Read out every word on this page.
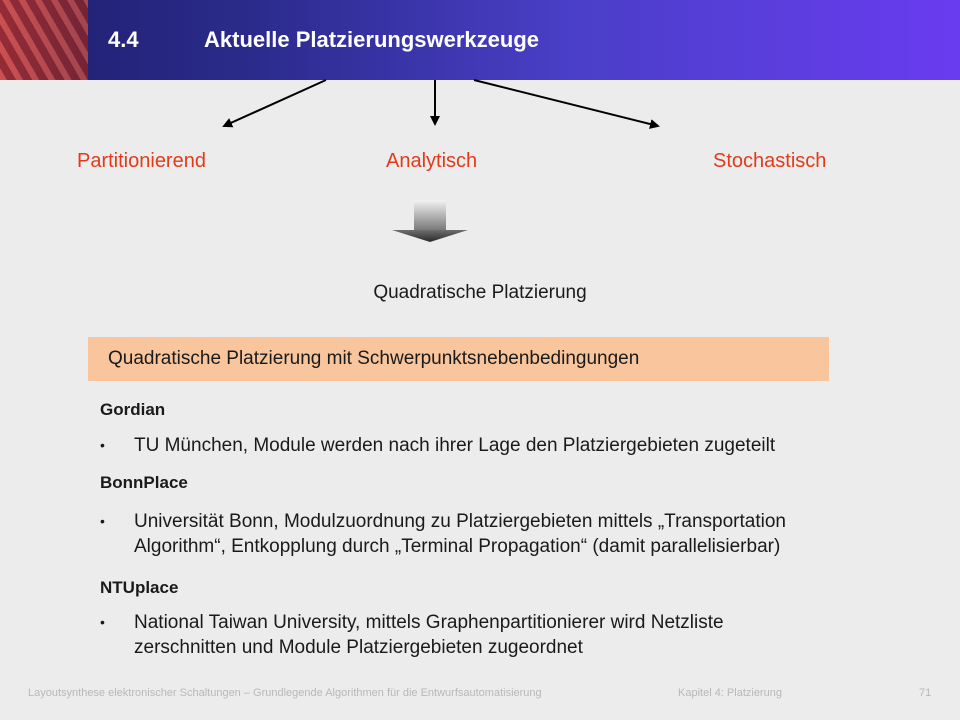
4.4	Aktuelle Platzierungswerkzeuge
Partitionierend	Analytisch	Stochastisch
Quadratische Platzierung
Quadratische Platzierung mit Schwerpunktsnebenbedingungen
Gordian
•	TU München, Module werden nach ihrer Lage den Platziergebieten zugeteilt
BonnPlace
•	Universität Bonn, Modulzuordnung zu Platziergebieten mittels „Transportation
Algorithm“, Entkopplung durch „Terminal Propagation“ (damit parallelisierbar)
NTUplace
•	National Taiwan University, mittels Graphenpartitionierer wird Netzliste
zerschnitten und Module Platziergebieten zugeordnet
Layoutsynthese elektronischer Schaltungen – Grundlegende Algorithmen für die Entwurfsautomatisierung	Kapitel 4: Platzierung	71
